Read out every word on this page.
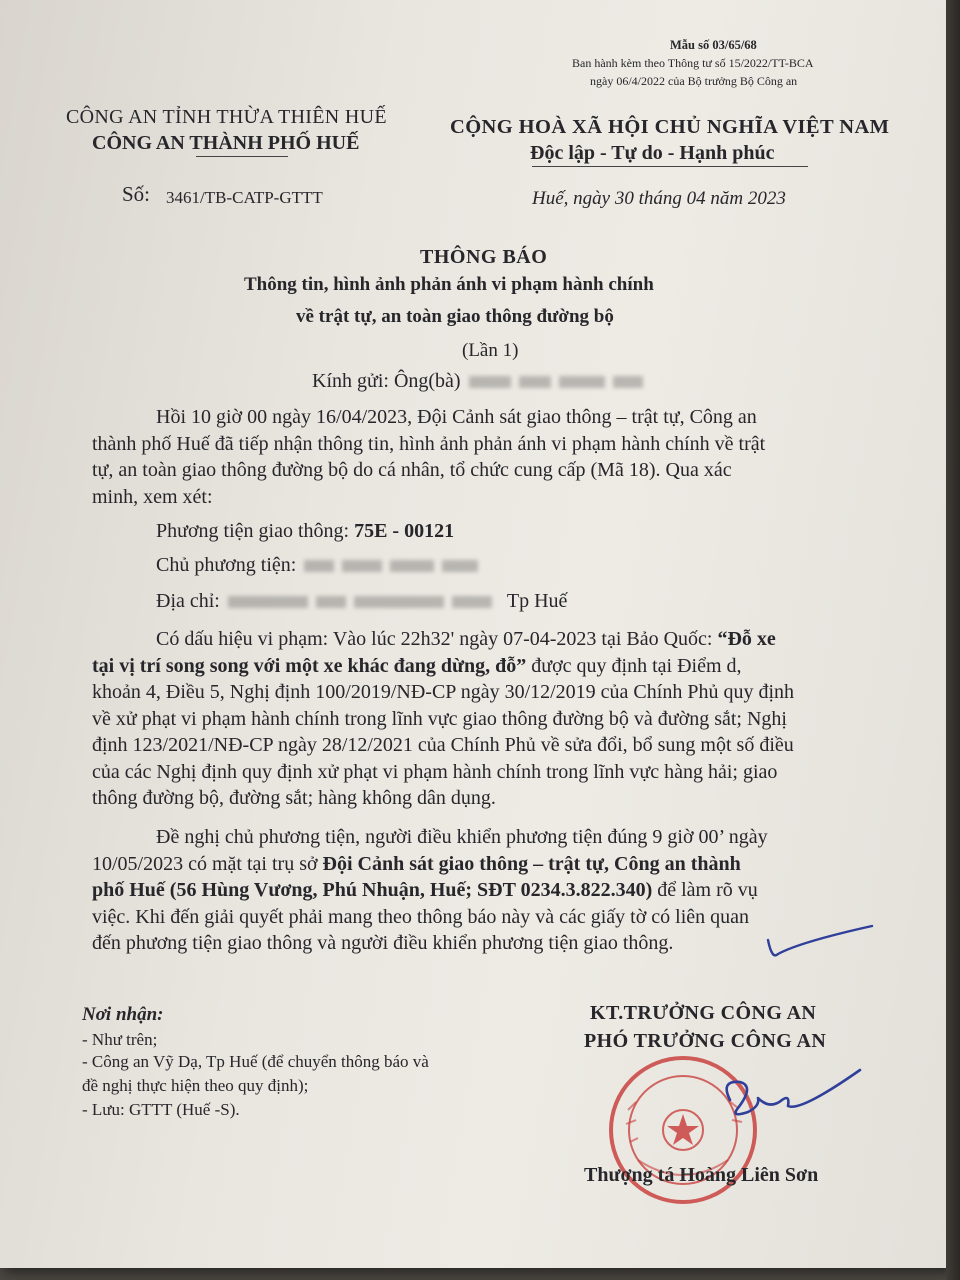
Mẫu số 03/65/68
Ban hành kèm theo Thông tư số 15/2022/TT-BCA
ngày 06/4/2022 của Bộ trưởng Bộ Công an
CÔNG AN TỈNH THỪA THIÊN HUẾ
CÔNG AN THÀNH PHỐ HUẾ
CỘNG HOÀ XÃ HỘI CHỦ NGHĨA VIỆT NAM
Độc lập - Tự do - Hạnh phúc
Số: 3461/TB-CATP-GTTT	Huế, ngày 30 tháng 04 năm 2023
THÔNG BÁO
Thông tin, hình ảnh phản ánh vi phạm hành chính
về trật tự, an toàn giao thông đường bộ
(Lần 1)
Kính gửi: Ông(bà)
Hồi 10 giờ 00 ngày 16/04/2023, Đội Cảnh sát giao thông – trật tự, Công an
thành phố Huế đã tiếp nhận thông tin, hình ảnh phản ánh vi phạm hành chính về trật
tự, an toàn giao thông đường bộ do cá nhân, tổ chức cung cấp (Mã 18). Qua xác
minh, xem xét:
Phương tiện giao thông: 75E - 00121
Chủ phương tiện:
Địa chỉ:	Tp Huế
Có dấu hiệu vi phạm: Vào lúc 22h32' ngày 07-04-2023 tại Bảo Quốc: “Đỗ xe
tại vị trí song song với một xe khác đang dừng, đỗ” được quy định tại Điểm d,
khoản 4, Điều 5, Nghị định 100/2019/NĐ-CP ngày 30/12/2019 của Chính Phủ quy định
về xử phạt vi phạm hành chính trong lĩnh vực giao thông đường bộ và đường sắt; Nghị
định 123/2021/NĐ-CP ngày 28/12/2021 của Chính Phủ về sửa đổi, bổ sung một số điều
của các Nghị định quy định xử phạt vi phạm hành chính trong lĩnh vực hàng hải; giao
thông đường bộ, đường sắt; hàng không dân dụng.
Đề nghị chủ phương tiện, người điều khiển phương tiện đúng 9 giờ 00’ ngày
10/05/2023 có mặt tại trụ sở Đội Cảnh sát giao thông – trật tự, Công an thành
phố Huế (56 Hùng Vương, Phú Nhuận, Huế; SĐT 0234.3.822.340) để làm rõ vụ
việc. Khi đến giải quyết phải mang theo thông báo này và các giấy tờ có liên quan
đến phương tiện giao thông và người điều khiển phương tiện giao thông.
Nơi nhận:
- Như trên;
- Công an Vỹ Dạ, Tp Huế (để chuyển thông báo và
đề nghị thực hiện theo quy định);
- Lưu: GTTT (Huế -S).
KT.TRƯỞNG CÔNG AN
PHÓ TRƯỞNG CÔNG AN
Thượng tá Hoàng Liên Sơn
